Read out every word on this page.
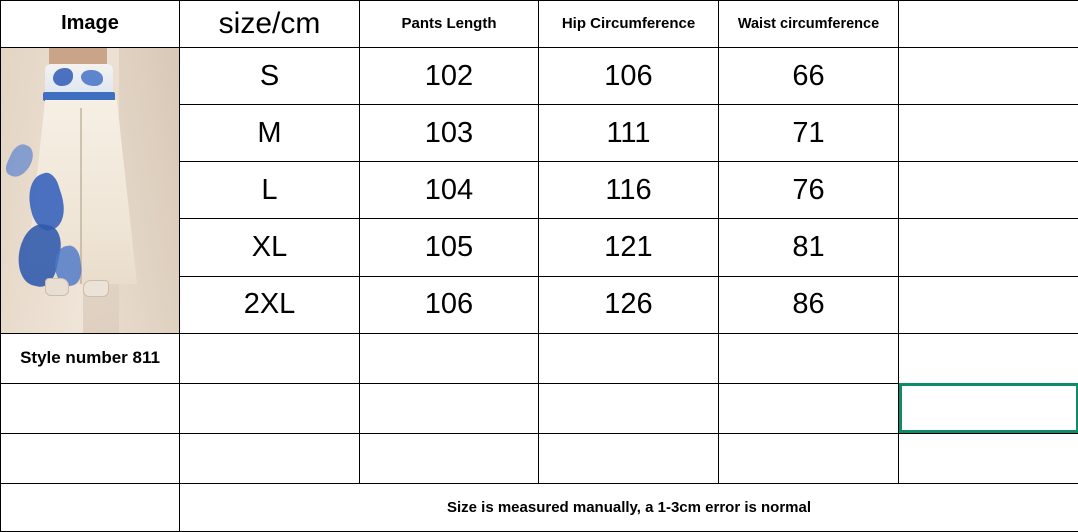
Image	size/cm	Pants Length	Hip Circumference	Waist circumference	

	S	102	106	66	
	M	103	111	71	
	L	104	116	76	
	XL	105	121	81	
	2XL	106	126	86	
Style number 811					

	Size is measured manually, a 1-3cm error is normal				
